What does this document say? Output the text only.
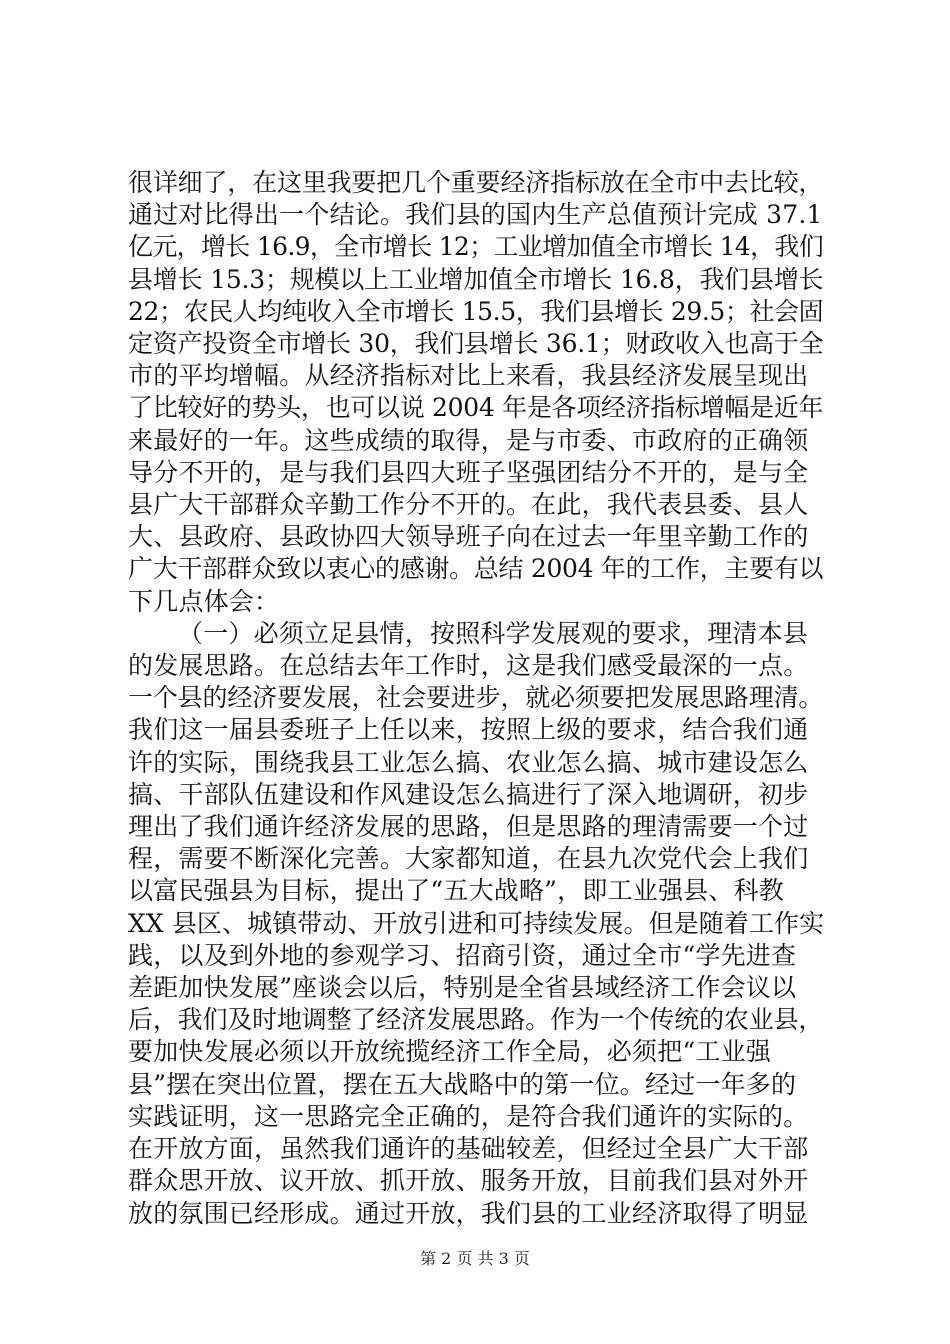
很详细了，在这里我要把几个重要经济指标放在全市中去比较，
通过对比得出一个结论。我们县的国内生产总值预计完成 37.1
亿元，增长 16.9，全市增长 12；工业增加值全市增长 14，我们
县增长 15.3；规模以上工业增加值全市增长 16.8，我们县增长
22；农民人均纯收入全市增长 15.5，我们县增长 29.5；社会固
定资产投资全市增长 30，我们县增长 36.1；财政收入也高于全
市的平均增幅。从经济指标对比上来看，我县经济发展呈现出
了比较好的势头，也可以说 2004 年是各项经济指标增幅是近年
来最好的一年。这些成绩的取得，是与市委、市政府的正确领
导分不开的，是与我们县四大班子坚强团结分不开的，是与全
县广大干部群众辛勤工作分不开的。在此，我代表县委、县人
大、县政府、县政协四大领导班子向在过去一年里辛勤工作的
广大干部群众致以衷心的感谢。总结 2004 年的工作，主要有以
下几点体会：
（一）必须立足县情，按照科学发展观的要求，理清本县
的发展思路。在总结去年工作时，这是我们感受最深的一点。
一个县的经济要发展，社会要进步，就必须要把发展思路理清。
我们这一届县委班子上任以来，按照上级的要求，结合我们通
许的实际，围绕我县工业怎么搞、农业怎么搞、城市建设怎么
搞、干部队伍建设和作风建设怎么搞进行了深入地调研，初步
理出了我们通许经济发展的思路，但是思路的理清需要一个过
程，需要不断深化完善。大家都知道，在县九次党代会上我们
以富民强县为目标，提出了“五大战略”，即工业强县、科教
XX 县区、城镇带动、开放引进和可持续发展。但是随着工作实
践，以及到外地的参观学习、招商引资，通过全市“学先进查
差距加快发展”座谈会以后，特别是全省县域经济工作会议以
后，我们及时地调整了经济发展思路。作为一个传统的农业县，
要加快发展必须以开放统揽经济工作全局，必须把“工业强
县”摆在突出位置，摆在五大战略中的第一位。经过一年多的
实践证明，这一思路完全正确的，是符合我们通许的实际的。
在开放方面，虽然我们通许的基础较差，但经过全县广大干部
群众思开放、议开放、抓开放、服务开放，目前我们县对外开
放的氛围已经形成。通过开放，我们县的工业经济取得了明显
第 2 页 共 3 页
